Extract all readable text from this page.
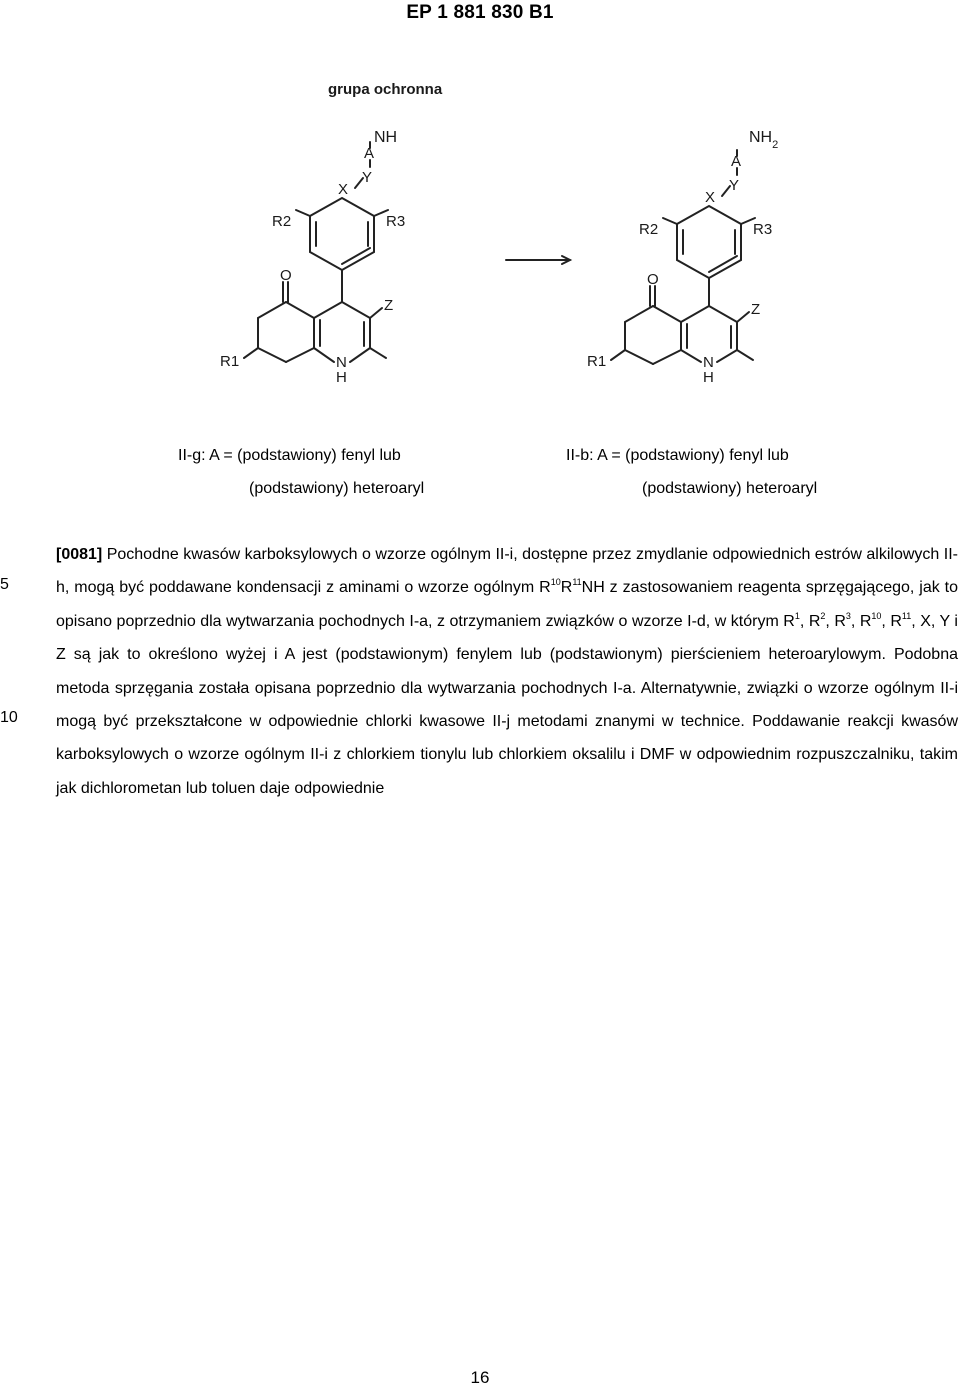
EP 1 881 830 B1
grupa ochronna
NH
A
X
Y
R2	R3
O
Z
R1	N
H
$NH_2$
A
X
Y
R2	R3
O
Z
R1	N
H
II-g: A = (podstawiony) fenyl lub
(podstawiony) heteroaryl
II-b: A = (podstawiony) fenyl lub
(podstawiony) heteroaryl
5
10

[0081] Pochodne kwasów karboksylowych o wzorze ogólnym II-i, dostępne przez zmydlanie odpowiednich estrów alkilowych II-h, mogą być poddawane kondensacji z aminami o wzorze ogólnym $R^{10}R^{11}NH$ z zastosowaniem reagenta sprzęgającego, jak to opisano poprzednio dla wytwarzania pochodnych I-a, z otrzymaniem związków o wzorze I-d, w którym $R^1$, $R^2$, $R^3$, $R^{10}$, $R^{11}$, X, Y i Z są jak to określono wyżej i A jest (podstawionym) fenylem lub (podstawionym) pierścieniem heteroarylowym. Podobna metoda sprzęgania została opisana poprzednio dla wytwarzania pochodnych I-a. Alternatywnie, związki o wzorze ogólnym II-i mogą być przekształcone w odpowiednie chlorki kwasowe II-j metodami znanymi w technice. Poddawanie reakcji kwasów karboksylowych o wzorze ogólnym II-i z chlorkiem tionylu lub chlorkiem oksalilu i DMF w odpowiednim rozpuszczalniku, takim jak dichlorometan lub toluen daje odpowiednie

16
